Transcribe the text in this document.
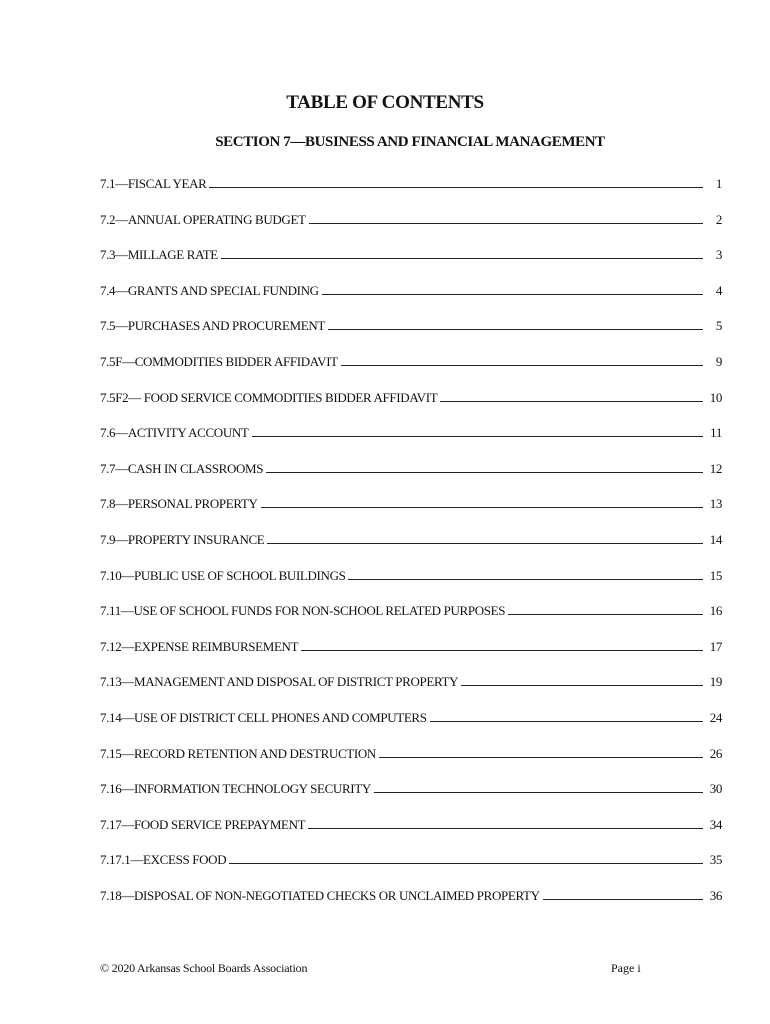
TABLE OF CONTENTS
SECTION 7—BUSINESS AND FINANCIAL MANAGEMENT
7.1—FISCAL YEAR	1
7.2—ANNUAL OPERATING BUDGET	2
7.3—MILLAGE RATE	3
7.4—GRANTS AND SPECIAL FUNDING	4
7.5—PURCHASES AND PROCUREMENT	5
7.5F—COMMODITIES BIDDER AFFIDAVIT	9
7.5F2— FOOD SERVICE COMMODITIES BIDDER AFFIDAVIT	10
7.6—ACTIVITY ACCOUNT	11
7.7—CASH IN CLASSROOMS	12
7.8—PERSONAL PROPERTY	13
7.9—PROPERTY INSURANCE	14
7.10—PUBLIC USE OF SCHOOL BUILDINGS	15
7.11—USE OF SCHOOL FUNDS FOR NON-SCHOOL RELATED PURPOSES	16
7.12—EXPENSE REIMBURSEMENT	17
7.13—MANAGEMENT AND DISPOSAL OF DISTRICT PROPERTY	19
7.14—USE OF DISTRICT CELL PHONES AND COMPUTERS	24
7.15—RECORD RETENTION AND DESTRUCTION	26
7.16—INFORMATION TECHNOLOGY SECURITY	30
7.17—FOOD SERVICE PREPAYMENT	34
7.17.1—EXCESS FOOD	35
7.18—DISPOSAL OF NON-NEGOTIATED CHECKS OR UNCLAIMED PROPERTY	36
© 2020 Arkansas School Boards Association	Page i
